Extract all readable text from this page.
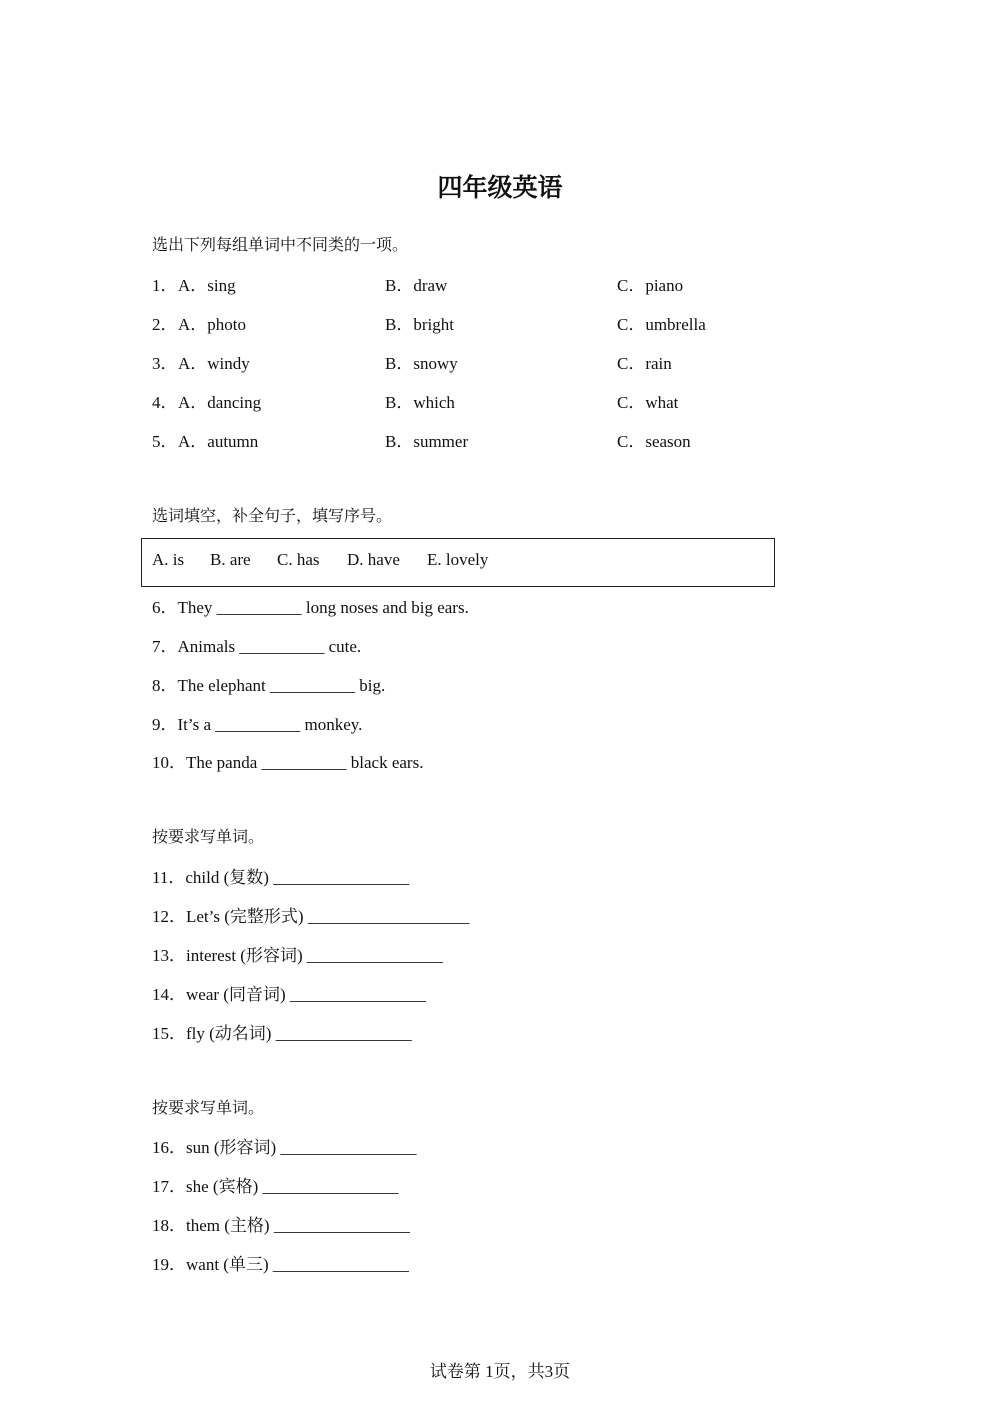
四年级英语
选出下列每组单词中不同类的一项。
1． A．sing	B．draw	C．piano
2． A．photo	B．bright	C．umbrella
3． A．windy	B．snowy	C．rain
4． A．dancing	B．which	C．what
5． A．autumn	B．summer	C．season
选词填空，补全句子，填写序号。
A. is B. are C. has D. have E. lovely
6．They __________ long noses and big ears.
7．Animals __________ cute.
8．The elephant __________ big.
9．It’s a __________ monkey.
10．The panda __________ black ears.
按要求写单词。
11．child (复数) ________________
12．Let’s (完整形式) ___________________
13．interest (形容词) ________________
14．wear (同音词) ________________
15．fly (动名词) ________________
按要求写单词。
16．sun (形容词) ________________
17．she (宾格) ________________
18．them (主格) ________________
19．want (单三) ________________
试卷第 1页，共3页
